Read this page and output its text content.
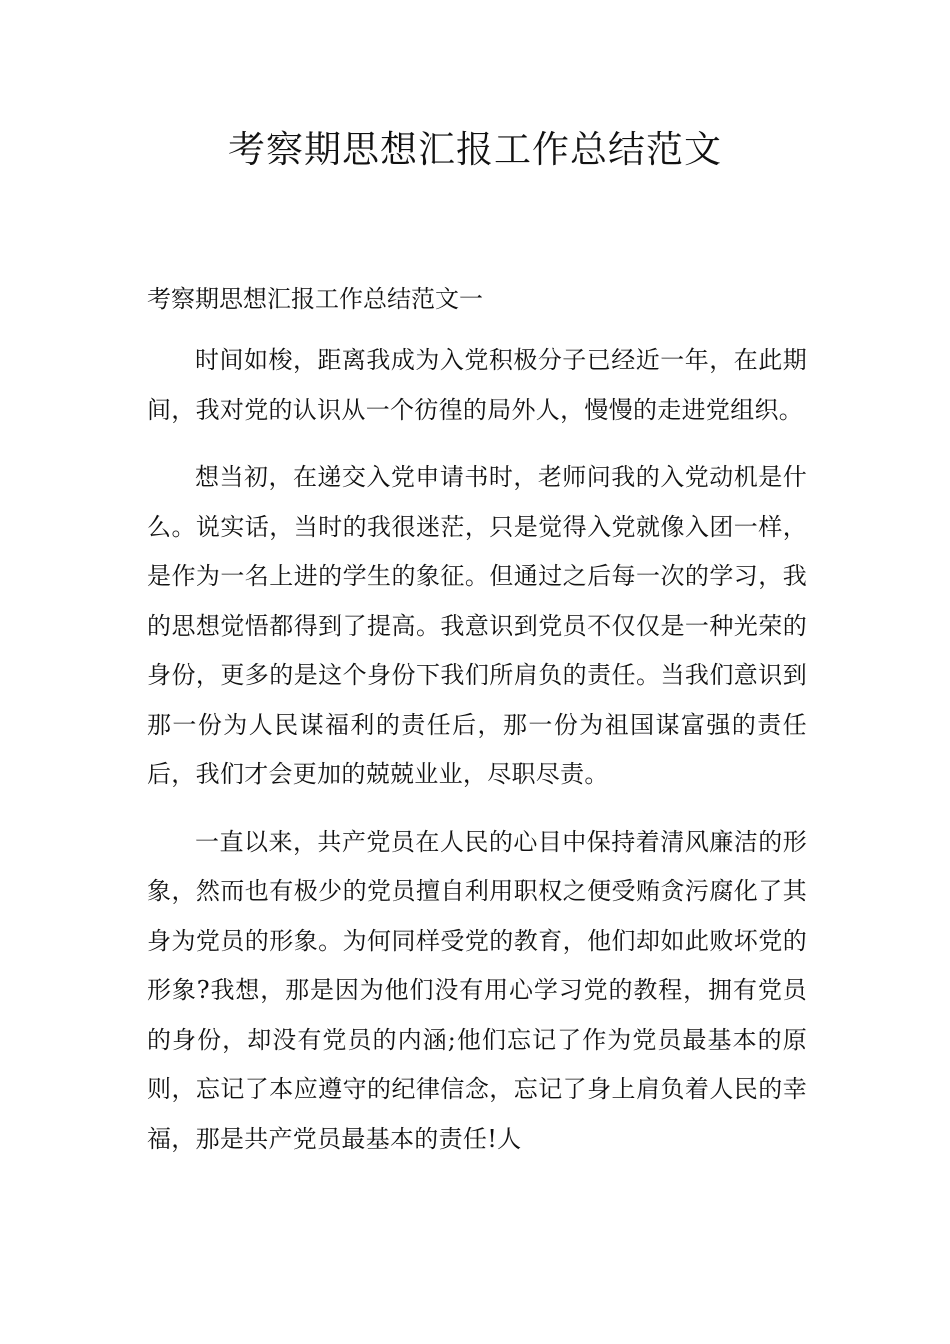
考察期思想汇报工作总结范文

考察期思想汇报工作总结范文一

时间如梭，距离我成为入党积极分子已经近一年，在此期间，我对党的认识从一个彷徨的局外人，慢慢的走进党组织。

想当初，在递交入党申请书时，老师问我的入党动机是什么。说实话，当时的我很迷茫，只是觉得入党就像入团一样，是作为一名上进的学生的象征。但通过之后每一次的学习，我的思想觉悟都得到了提高。我意识到党员不仅仅是一种光荣的身份，更多的是这个身份下我们所肩负的责任。当我们意识到那一份为人民谋福利的责任后，那一份为祖国谋富强的责任后，我们才会更加的兢兢业业，尽职尽责。

一直以来，共产党员在人民的心目中保持着清风廉洁的形象，然而也有极少的党员擅自利用职权之便受贿贪污腐化了其身为党员的形象。为何同样受党的教育，他们却如此败坏党的形象?我想，那是因为他们没有用心学习党的教程，拥有党员的身份，却没有党员的内涵;他们忘记了作为党员最基本的原则，忘记了本应遵守的纪律信念，忘记了身上肩负着人民的幸福，那是共产党员最基本的责任!人
